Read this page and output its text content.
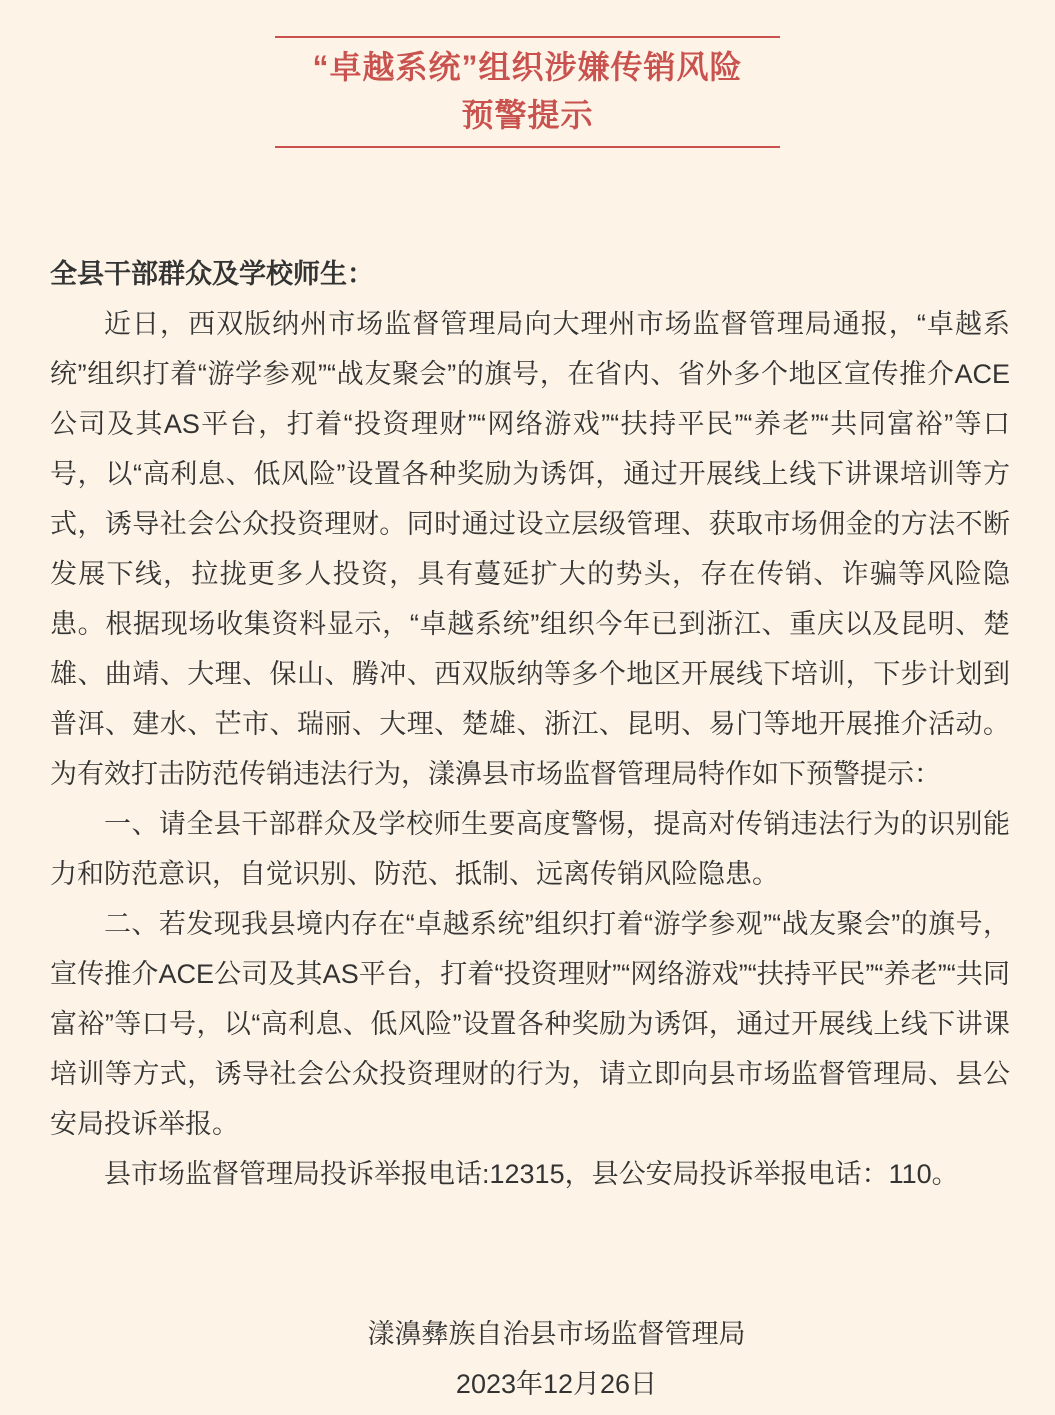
“卓越系统”组织涉嫌传销风险
预警提示

全县干部群众及学校师生：

近日，西双版纳州市场监督管理局向大理州市场监督管理局通报，“卓越系统”组织打着“游学参观”“战友聚会”的旗号，在省内、省外多个地区宣传推介ACE公司及其AS平台，打着“投资理财”“网络游戏”“扶持平民”“养老”“共同富裕”等口号，以“高利息、低风险”设置各种奖励为诱饵，通过开展线上线下讲课培训等方式，诱导社会公众投资理财。同时通过设立层级管理、获取市场佣金的方法不断发展下线，拉拢更多人投资，具有蔓延扩大的势头，存在传销、诈骗等风险隐患。根据现场收集资料显示，“卓越系统”组织今年已到浙江、重庆以及昆明、楚雄、曲靖、大理、保山、腾冲、西双版纳等多个地区开展线下培训，下步计划到普洱、建水、芒市、瑞丽、大理、楚雄、浙江、昆明、易门等地开展推介活动。为有效打击防范传销违法行为，漾濞县市场监督管理局特作如下预警提示：

一、请全县干部群众及学校师生要高度警惕，提高对传销违法行为的识别能力和防范意识，自觉识别、防范、抵制、远离传销风险隐患。

二、若发现我县境内存在“卓越系统”组织打着“游学参观”“战友聚会”的旗号，宣传推介ACE公司及其AS平台，打着“投资理财”“网络游戏”“扶持平民”“养老”“共同富裕”等口号，以“高利息、低风险”设置各种奖励为诱饵，通过开展线上线下讲课培训等方式，诱导社会公众投资理财的行为，请立即向县市场监督管理局、县公安局投诉举报。

县市场监督管理局投诉举报电话:12315，县公安局投诉举报电话：110。

漾濞彝族自治县市场监督管理局

2023年12月26日
